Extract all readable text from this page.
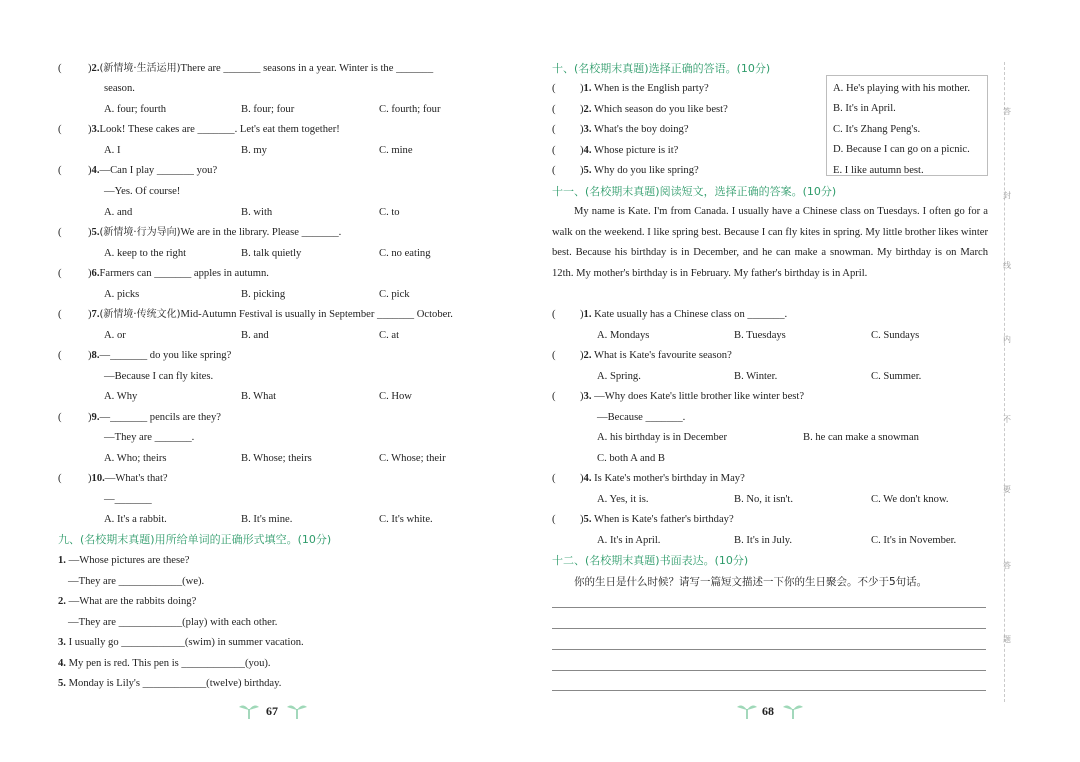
( )2.(新情境·生活运用)There are _______ seasons in a year. Winter is the _______
season.
A. four; fourth	B. four; four	C. fourth; four
( )3.Look! These cakes are _______. Let's eat them together!
A. I	B. my	C. mine
( )4.—Can I play _______ you?
—Yes. Of course!
A. and	B. with	C. to
( )5.(新情境·行为导向)We are in the library. Please _______.
A. keep to the right	B. talk quietly	C. no eating
( )6.Farmers can _______ apples in autumn.
A. picks	B. picking	C. pick
( )7.(新情境·传统文化)Mid-Autumn Festival is usually in September _______ October.
A. or	B. and	C. at
( )8.—_______ do you like spring?
—Because I can fly kites.
A. Why	B. What	C. How
( )9.—_______ pencils are they?
—They are _______.
A. Who; theirs	B. Whose; theirs	C. Whose; their
( )10.—What's that?
—_______
A. It's a rabbit.	B. It's mine.	C. It's white.
九、(名校期末真题)用所给单词的正确形式填空。(10分)
1. —Whose pictures are these?
—They are ____________(we).
2. —What are the rabbits doing?
—They are ____________(play) with each other.
3. I usually go ____________(swim) in summer vacation.
4. My pen is red. This pen is ____________(you).
5. Monday is Lily's ____________(twelve) birthday.
67
十、(名校期末真题)选择正确的答语。(10分)
( )1. When is the English party?
( )2. Which season do you like best?
( )3. What's the boy doing?
( )4. Whose picture is it?
( )5. Why do you like spring?
A. He's playing with his mother.
B. It's in April.
C. It's Zhang Peng's.
D. Because I can go on a picnic.
E. I like autumn best.
十一、(名校期末真题)阅读短文，选择正确的答案。(10分)
My name is Kate. I'm from Canada. I usually have a Chinese class on Tuesdays. I often go for a walk on the weekend. I like spring best. Because I can fly kites in spring. My little brother likes winter best. Because his birthday is in December, and he can make a snowman. My birthday is on March 12th. My mother's birthday is in February. My father's birthday is in April.
( )1. Kate usually has a Chinese class on _______.
A. Mondays	B. Tuesdays	C. Sundays
( )2. What is Kate's favourite season?
A. Spring.	B. Winter.	C. Summer.
( )3. —Why does Kate's little brother like winter best?
—Because _______.
A. his birthday is in December	B. he can make a snowman
C. both A and B
( )4. Is Kate's mother's birthday in May?
A. Yes, it is.	B. No, it isn't.	C. We don't know.
( )5. When is Kate's father's birthday?
A. It's in April.	B. It's in July.	C. It's in November.
十二、(名校期末真题)书面表达。(10分)
你的生日是什么时候？请写一篇短文描述一下你的生日聚会。不少于5句话。
68
答
封
线
内
不
要
答
题
